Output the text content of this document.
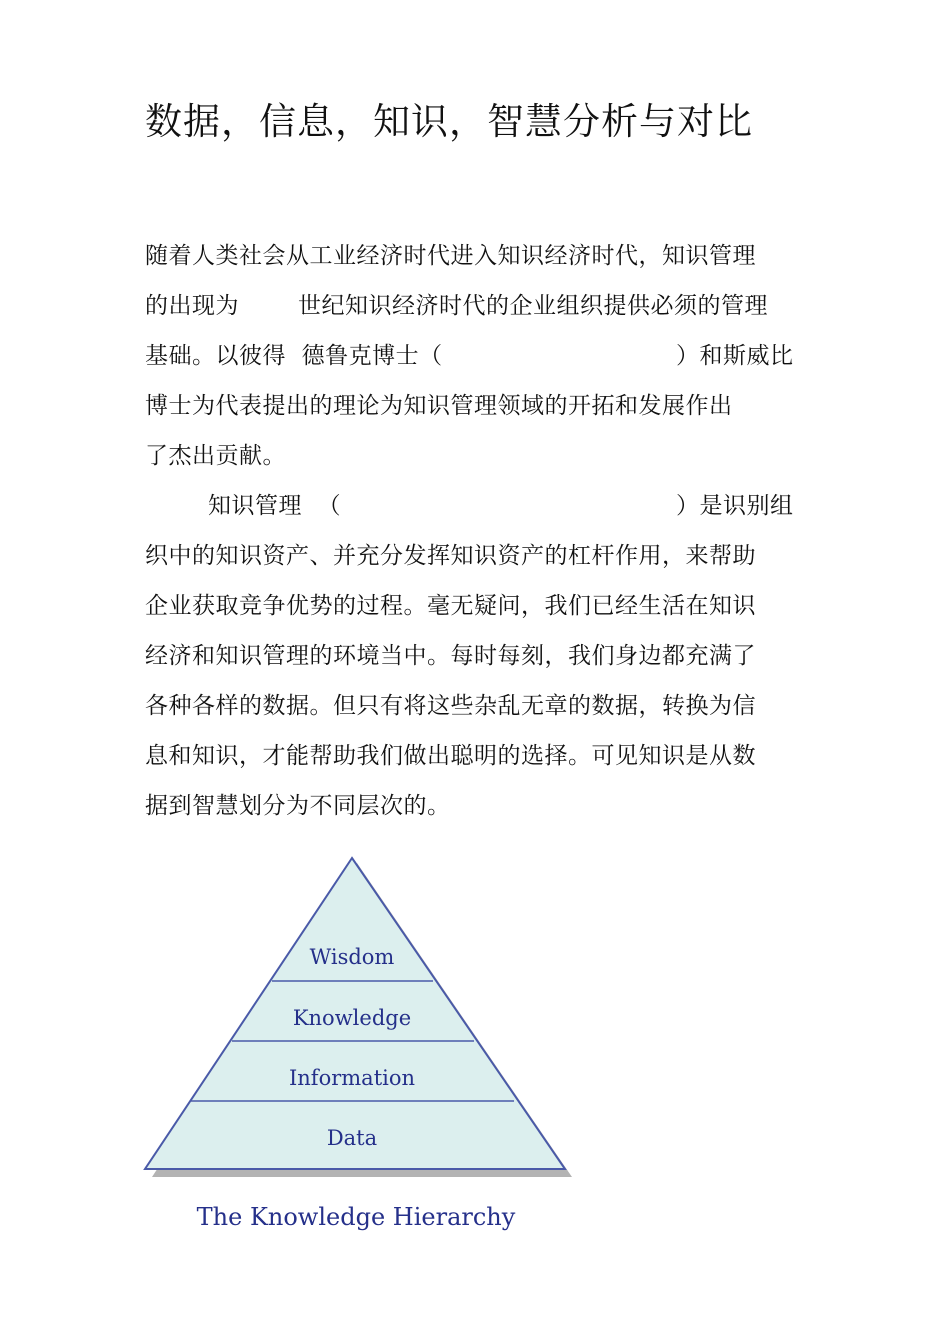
数据，信息，知识，智慧分析与对比
随着人类社会从工业经济时代进入知识经济时代，知识管理
的出现为	世纪知识经济时代的企业组织提供必须的管理
基础。以彼得  德鲁克博士（	）和斯威比
博士为代表提出的理论为知识管理领域的开拓和发展作出
了杰出贡献。
知识管理  （	）是识别组
织中的知识资产、并充分发挥知识资产的杠杆作用，来帮助
企业获取竞争优势的过程。毫无疑问，我们已经生活在知识
经济和知识管理的环境当中。每时每刻，我们身边都充满了
各种各样的数据。但只有将这些杂乱无章的数据，转换为信
息和知识，才能帮助我们做出聪明的选择。可见知识是从数
据到智慧划分为不同层次的。
Wisdom
Knowledge
Information
Data
The Knowledge Hierarchy
